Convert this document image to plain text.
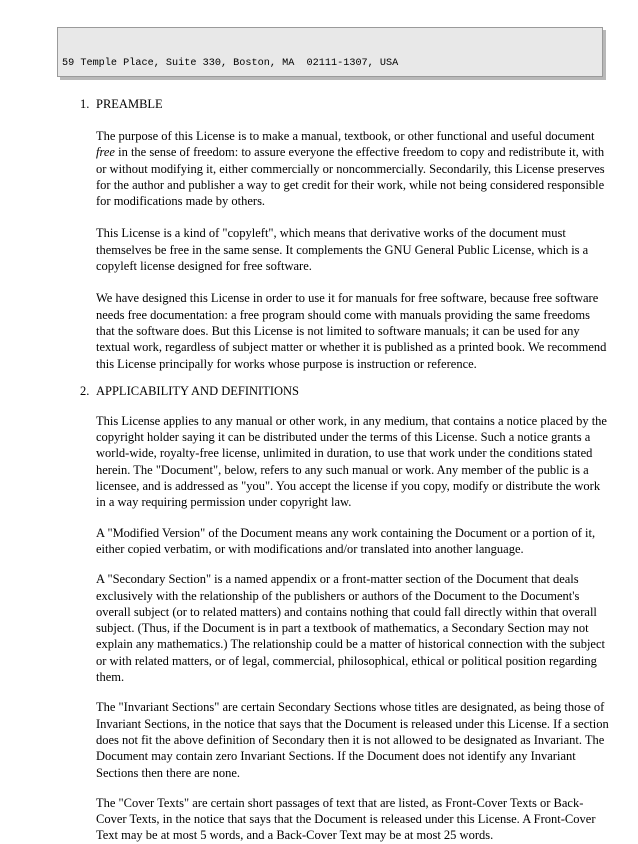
59 Temple Place, Suite 330, Boston, MA  02111-1307, USA

1. PREAMBLE

The purpose of this License is to make a manual, textbook, or other functional and useful document free in the sense of freedom: to assure everyone the effective freedom to copy and redistribute it, with or without modifying it, either commercially or noncommercially. Secondarily, this License preserves for the author and publisher a way to get credit for their work, while not being considered responsible for modifications made by others.

This License is a kind of "copyleft", which means that derivative works of the document must themselves be free in the same sense. It complements the GNU General Public License, which is a copyleft license designed for free software.

We have designed this License in order to use it for manuals for free software, because free software needs free documentation: a free program should come with manuals providing the same freedoms that the software does. But this License is not limited to software manuals; it can be used for any textual work, regardless of subject matter or whether it is published as a printed book. We recommend this License principally for works whose purpose is instruction or reference.

2. APPLICABILITY AND DEFINITIONS

This License applies to any manual or other work, in any medium, that contains a notice placed by the copyright holder saying it can be distributed under the terms of this License. Such a notice grants a world-wide, royalty-free license, unlimited in duration, to use that work under the conditions stated herein. The "Document", below, refers to any such manual or work. Any member of the public is a licensee, and is addressed as "you". You accept the license if you copy, modify or distribute the work in a way requiring permission under copyright law.

A "Modified Version" of the Document means any work containing the Document or a portion of it, either copied verbatim, or with modifications and/or translated into another language.

A "Secondary Section" is a named appendix or a front-matter section of the Document that deals exclusively with the relationship of the publishers or authors of the Document to the Document's overall subject (or to related matters) and contains nothing that could fall directly within that overall subject. (Thus, if the Document is in part a textbook of mathematics, a Secondary Section may not explain any mathematics.) The relationship could be a matter of historical connection with the subject or with related matters, or of legal, commercial, philosophical, ethical or political position regarding them.

The "Invariant Sections" are certain Secondary Sections whose titles are designated, as being those of Invariant Sections, in the notice that says that the Document is released under this License. If a section does not fit the above definition of Secondary then it is not allowed to be designated as Invariant. The Document may contain zero Invariant Sections. If the Document does not identify any Invariant Sections then there are none.

The "Cover Texts" are certain short passages of text that are listed, as Front-Cover Texts or Back-Cover Texts, in the notice that says that the Document is released under this License. A Front-Cover Text may be at most 5 words, and a Back-Cover Text may be at most 25 words.
